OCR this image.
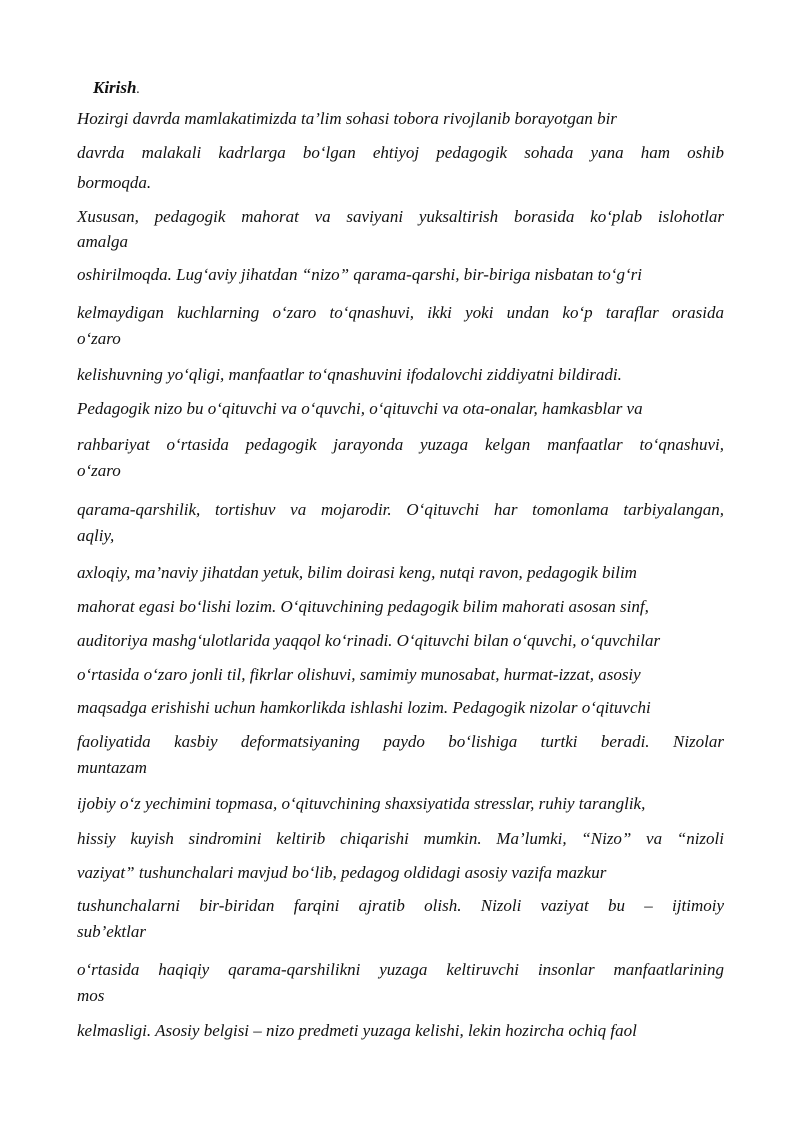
Kirish.
Hozirgi davrda mamlakatimizda ta’lim sohasi tobora rivojlanib borayotgan bir
davrda malakali kadrlarga bo‘lgan ehtiyoj pedagogik sohada yana ham oshib
bormoqda.
Xususan, pedagogik mahorat va saviyani yuksaltirish borasida ko‘plab islohotlar
amalga
oshirilmoqda. Lug‘aviy jihatdan “nizo” qarama-qarshi, bir-biriga nisbatan to‘g‘ri
kelmaydigan kuchlarning o‘zaro to‘qnashuvi, ikki yoki undan ko‘p taraflar orasida
o‘zaro
kelishuvning yo‘qligi, manfaatlar to‘qnashuvini ifodalovchi ziddiyatni bildiradi.
Pedagogik nizo bu o‘qituvchi va o‘quvchi, o‘qituvchi va ota-onalar, hamkasblar va
rahbariyat o‘rtasida pedagogik jarayonda yuzaga kelgan manfaatlar to‘qnashuvi,
o‘zaro
qarama-qarshilik, tortishuv va mojarodir. O‘qituvchi har tomonlama tarbiyalangan,
aqliy,
axloqiy, ma’naviy jihatdan yetuk, bilim doirasi keng, nutqi ravon, pedagogik bilim
mahorat egasi bo‘lishi lozim. O‘qituvchining pedagogik bilim mahorati asosan sinf,
auditoriya mashg‘ulotlarida yaqqol ko‘rinadi. O‘qituvchi bilan o‘quvchi, o‘quvchilar
o‘rtasida o‘zaro jonli til, fikrlar olishuvi, samimiy munosabat, hurmat-izzat, asosiy
maqsadga erishishi uchun hamkorlikda ishlashi lozim. Pedagogik nizolar o‘qituvchi
faoliyatida kasbiy deformatsiyaning paydo bo‘lishiga turtki beradi. Nizolar
muntazam
ijobiy o‘z yechimini topmasa, o‘qituvchining shaxsiyatida stresslar, ruhiy taranglik,
hissiy kuyish sindromini keltirib chiqarishi mumkin. Ma’lumki, “Nizo” va “nizoli
vaziyat” tushunchalari mavjud bo‘lib, pedagog oldidagi asosiy vazifa mazkur
tushunchalarni bir-biridan farqini ajratib olish. Nizoli vaziyat bu – ijtimoiy
sub’ektlar
o‘rtasida haqiqiy qarama-qarshilikni yuzaga keltiruvchi insonlar manfaatlarining
mos
kelmasligi. Asosiy belgisi – nizo predmeti yuzaga kelishi, lekin hozircha ochiq faol
